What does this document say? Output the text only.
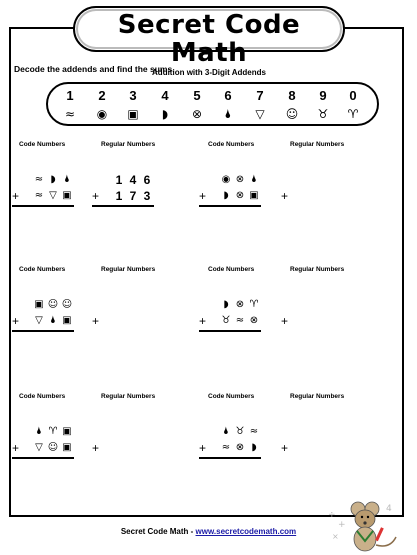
Secret Code Math
Addition with 3-Digit Addends
Decode the addends and find the sums.
1
≈
2
◉
3
▣
4
◗
5
⊗
6
🌢
7
▽
8
☺
9
♉
0
♈
Code Numbers	Regular Numbers
≈ ◗ 🌢
+ ≈ ▽ ▣
1 4 6
+	1 7 3
Code Numbers	Regular Numbers
◉ ⊗ 🌢
+	◗ ⊗ ▣ +
Code Numbers	Regular Numbers
▣ ☺ ☺
+	▽ 🌢 ▣ +
Code Numbers	Regular Numbers
◗ ⊗ ♈
+ ♉ ≈ ⊗ +
Code Numbers	Regular Numbers
🌢 ♈ ▣
+	▽ ☺ ▣ +
Code Numbers	Regular Numbers
🌢 ♉ ≈
+ ≈ ⊗ ◗	+
Secret Code Math - www.secretcodemath.com
÷
+
4
×
